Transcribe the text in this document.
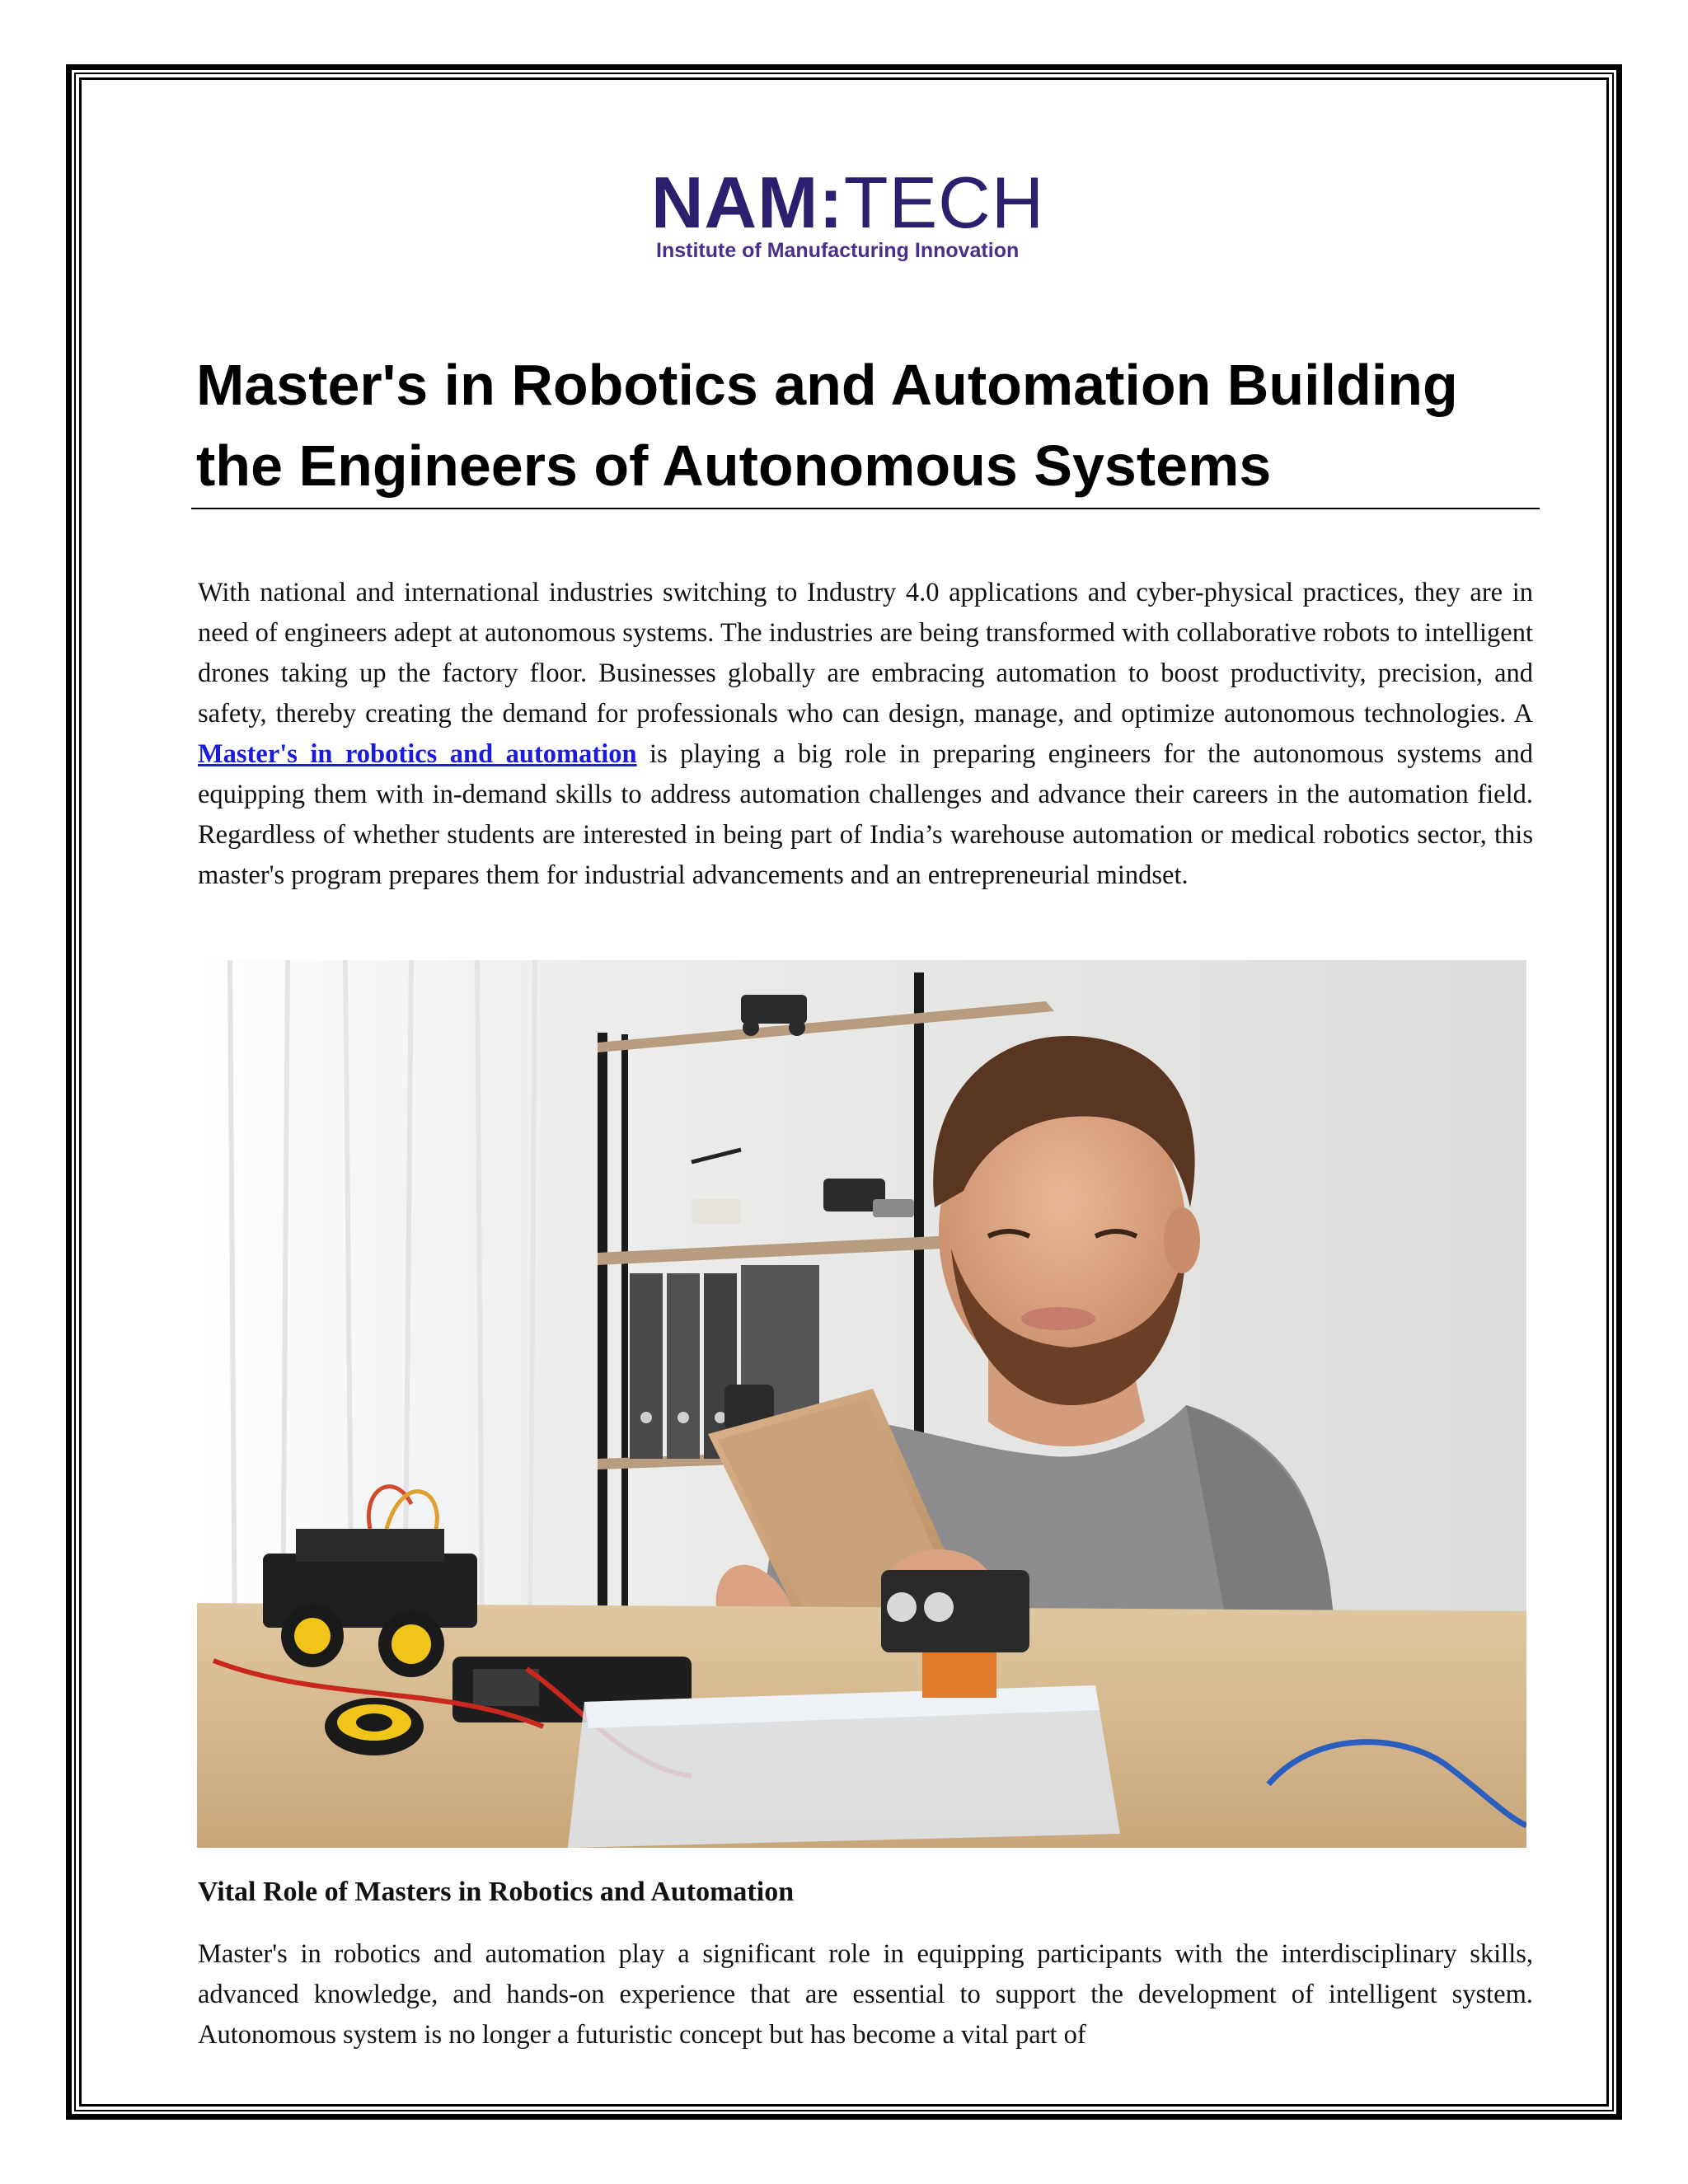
NAM:TECH
Institute of Manufacturing Innovation
Master's in Robotics and Automation Building the Engineers of Autonomous Systems

With national and international industries switching to Industry 4.0 applications and cyber-physical practices, they are in need of engineers adept at autonomous systems. The industries are being transformed with collaborative robots to intelligent drones taking up the factory floor. Businesses globally are embracing automation to boost productivity, precision, and safety, thereby creating the demand for professionals who can design, manage, and optimize autonomous technologies. A Master's in robotics and automation is playing a big role in preparing engineers for the autonomous systems and equipping them with in-demand skills to address automation challenges and advance their careers in the automation field. Regardless of whether students are interested in being part of India’s warehouse automation or medical robotics sector, this master's program prepares them for industrial advancements and an entrepreneurial mindset.

Vital Role of Masters in Robotics and Automation

Master's in robotics and automation play a significant role in equipping participants with the interdisciplinary skills, advanced knowledge, and hands-on experience that are essential to support the development of intelligent system. Autonomous system is no longer a futuristic concept but has become a vital part of
